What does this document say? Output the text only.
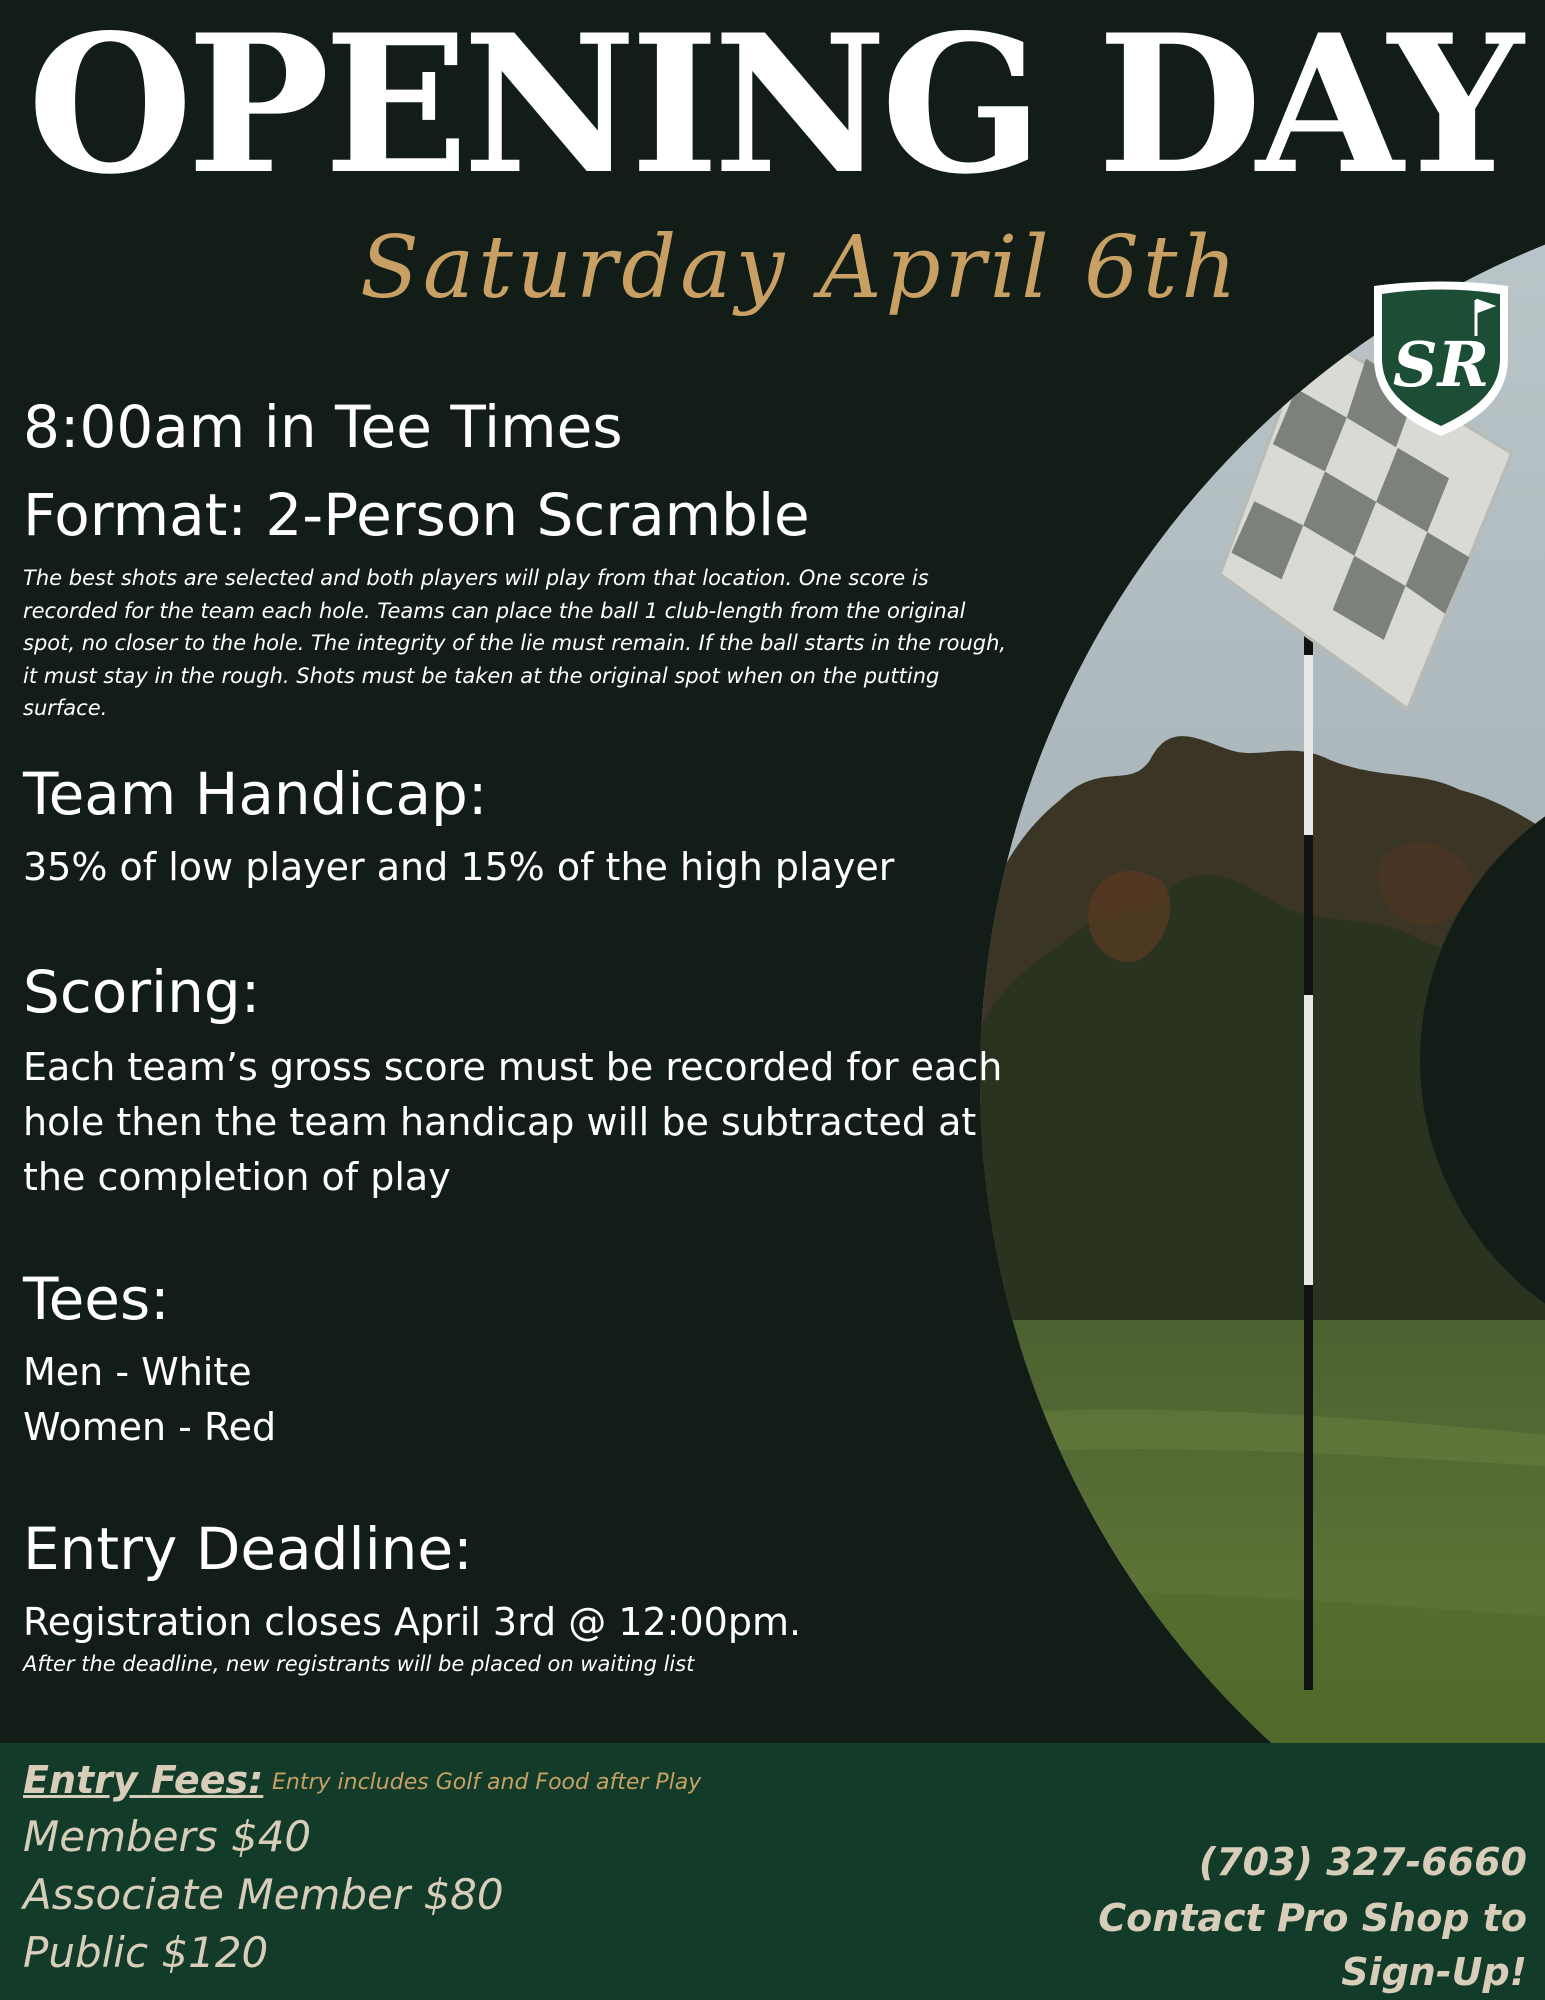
OPENING DAY
Saturday April 6th
SR
8:00am in Tee Times
Format: 2-Person Scramble
The best shots are selected and both players will play from that location. One score is recorded for the team each hole. Teams can place the ball 1 club-length from the original spot, no closer to the hole. The integrity of the lie must remain. If the ball starts in the rough, it must stay in the rough. Shots must be taken at the original spot when on the putting surface.
Team Handicap:
35% of low player and 15% of the high player
Scoring:
Each team’s gross score must be recorded for each hole then the team handicap will be subtracted at the completion of play
Tees:
Men - White
Women - Red
Entry Deadline:
Registration closes April 3rd @ 12:00pm.
After the deadline, new registrants will be placed on waiting list
Entry Fees: Entry includes Golf and Food after Play
Members $40
Associate Member $80
Public $120
(703) 327-6660
Contact Pro Shop to
Sign-Up!
